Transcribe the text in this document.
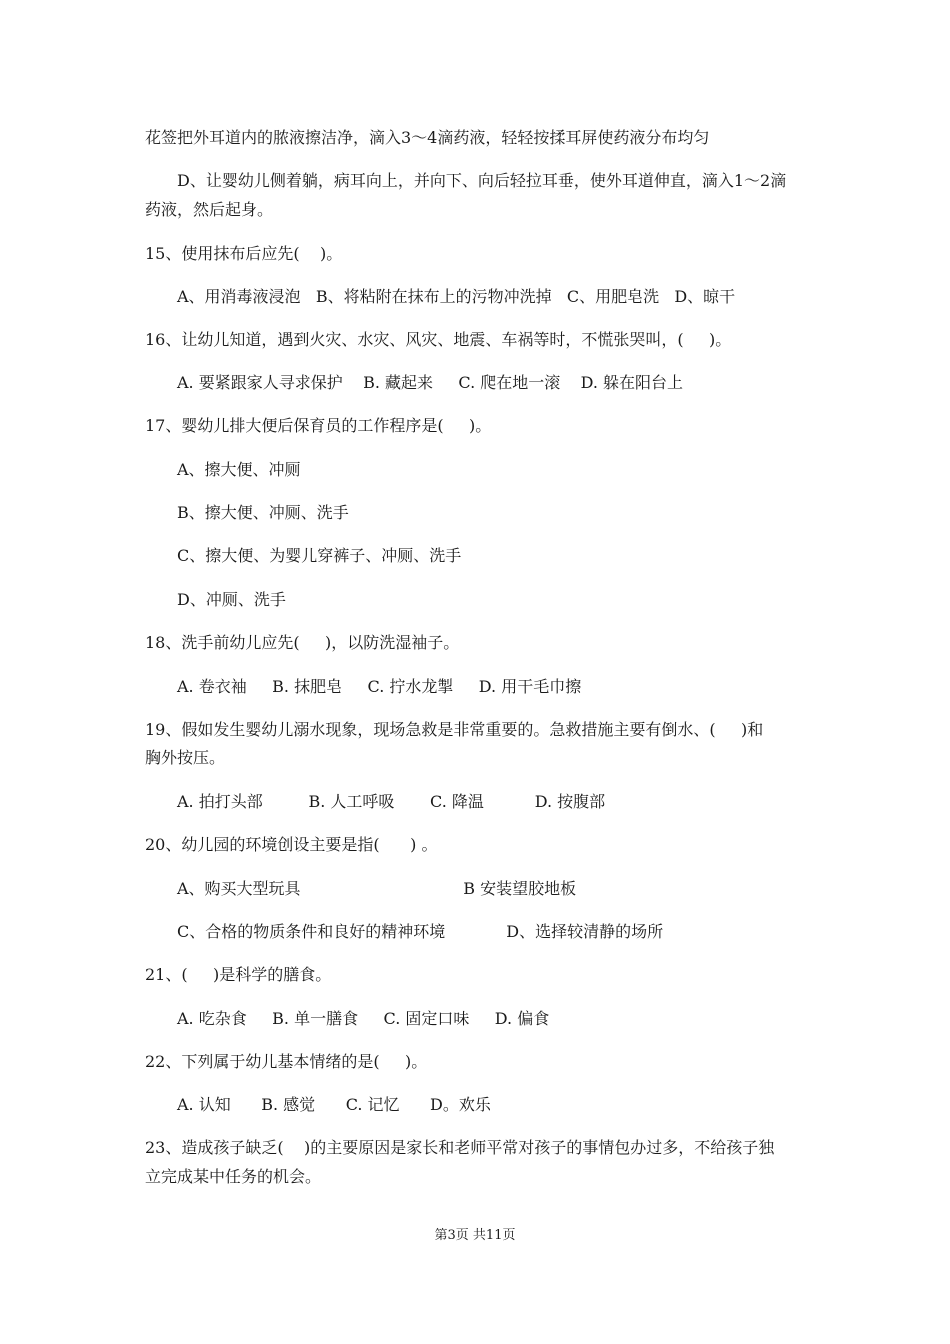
花签把外耳道内的脓液擦洁净，滴入3～4滴药液，轻轻按揉耳屏使药液分布均匀
D、让婴幼儿侧着躺，病耳向上，并向下、向后轻拉耳垂，使外耳道伸直，滴入1～2滴
药液，然后起身。
15、使用抹布后应先(    )。
A、用消毒液浸泡   B、将粘附在抹布上的污物冲洗掉   C、用肥皂洗   D、晾干
16、让幼儿知道，遇到火灾、水灾、风灾、地震、车祸等时，不慌张哭叫，(     )。
A. 要紧跟家人寻求保护    B. 藏起来     C. 爬在地一滚    D. 躲在阳台上
17、婴幼儿排大便后保育员的工作程序是(     )。
A、擦大便、冲厕
B、擦大便、冲厕、洗手
C、擦大便、为婴儿穿裤子、冲厕、洗手
D、冲厕、洗手
18、洗手前幼儿应先(     )，以防洗湿袖子。
A. 卷衣袖     B. 抹肥皂     C. 拧水龙掣     D. 用干毛巾擦
19、假如发生婴幼儿溺水现象，现场急救是非常重要的。急救措施主要有倒水、(     )和
胸外按压。
A. 拍打头部         B. 人工呼吸       C. 降温          D. 按腹部
20、幼儿园的环境创设主要是指(      ) 。
A、购买大型玩具                                B 安装望胶地板
C、合格的物质条件和良好的精神环境            D、选择较清静的场所
21、(     )是科学的膳食。
A. 吃杂食     B. 单一膳食     C. 固定口味     D. 偏食
22、下列属于幼儿基本情绪的是(     )。
A. 认知      B. 感觉      C. 记忆      D。欢乐
23、造成孩子缺乏(    )的主要原因是家长和老师平常对孩子的事情包办过多，不给孩子独
立完成某中任务的机会。
第3页 共11页
